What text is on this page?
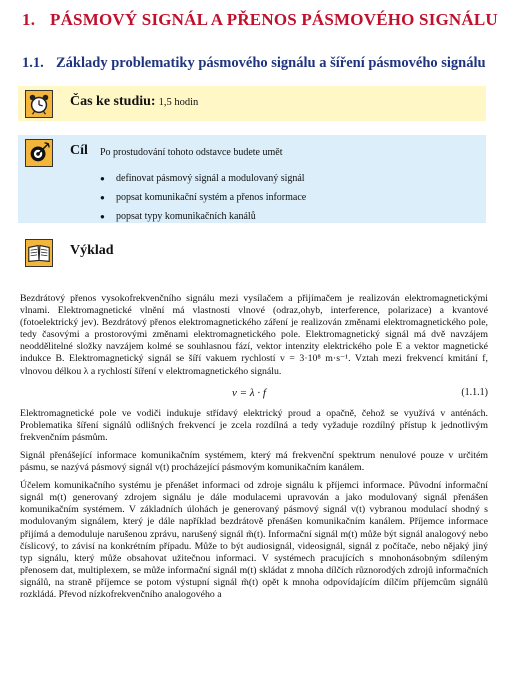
1. PÁSMOVÝ SIGNÁL A PŘENOS PÁSMOVÉHO SIGNÁLU
1.1. Základy problematiky pásmového signálu a šíření pásmového signálu
Čas ke studiu: 1,5 hodin
Cíl Po prostudování tohoto odstavce budete umět
● definovat pásmový signál a modulovaný signál
● popsat komunikační systém a přenos informace
● popsat typy komunikačních kanálů
Výklad

Bezdrátový přenos vysokofrekvenčního signálu mezi vysílačem a přijímačem je realizován elektromagnetickými vlnami. Elektromagnetické vlnění má vlastnosti vlnové (odraz,ohyb, interference, polarizace) a kvantové (fotoelektrický jev). Bezdrátový přenos elektromagnetického záření je realizován změnami elektromagnetického pole, tedy časovými a prostorovými změnami elektromagnetického pole. Elektromagnetický signál má dvě navzájem neoddělitelné složky navzájem kolmé se souhlasnou fází, vektor intenzity elektrického pole E a vektor magnetické indukce B. Elektromagnetický signál se šíří vakuem rychlostí v = 3·10⁸ m·s⁻¹. Vztah mezi frekvencí kmitání f, vlnovou délkou λ a rychlostí šíření v elektromagnetického signálu.

v = λ · f	(1.1.1)

Elektromagnetické pole ve vodiči indukuje střídavý elektrický proud a opačně, čehož se využívá v anténách. Problematika šíření signálů odlišných frekvencí je zcela rozdílná a tedy vyžaduje rozdílný přístup k jednotlivým frekvenčním pásmům.

Signál přenášející informace komunikačním systémem, který má frekvenční spektrum nenulové pouze v určitém pásmu, se nazývá pásmový signál v(t) procházející pásmovým komunikačním kanálem.

Účelem komunikačního systému je přenášet informaci od zdroje signálu k příjemci informace. Původní informační signál m(t) generovaný zdrojem signálu je dále modulacemi upravován a jako modulovaný signál přenášen komunikačním systémem. V základních úlohách je generovaný pásmový signál v(t) vybranou modulací shodný s modulovaným signálem, který je dále například bezdrátově přenášen komunikačním kanálem. Příjemce informace přijímá a demoduluje narušenou zprávu, narušený signál m̃(t). Informační signál m(t) může být signál analogový nebo číslicový, to závisí na konkrétním případu. Může to být audiosignál, videosignál, signál z počítače, nebo nějaký jiný typ signálu, který může obsahovat užitečnou informaci. V systémech pracujících s mnohonásobným sdíleným přenosem dat, multiplexem, se může informační signál m(t) skládat z mnoha dílčích různorodých zdrojů informačních signálů, na straně příjemce se potom výstupní signál m̃(t) opět k mnoha odpovídajícím dílčím příjemcům signálů rozkládá. Převod nízkofrekvenčního analogového a
